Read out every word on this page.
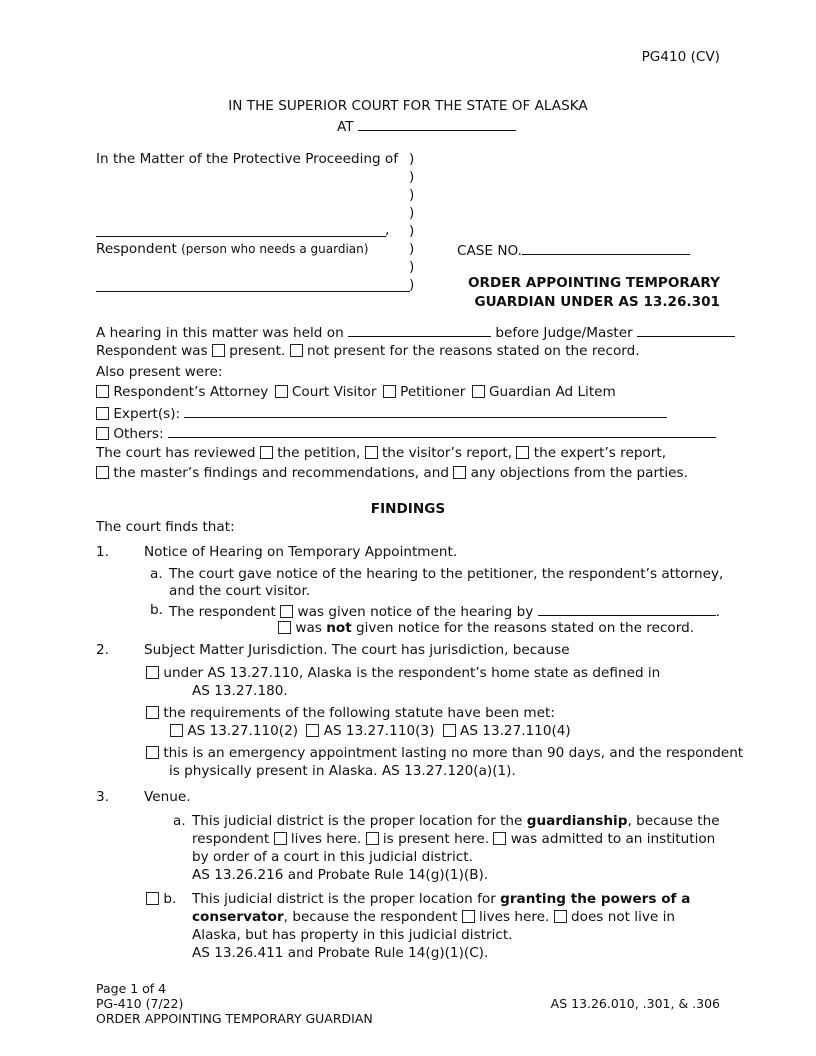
PG410 (CV)
IN THE SUPERIOR COURT FOR THE STATE OF ALASKA
AT
In the Matter of the Protective Proceeding of )
)
)
)
)
)
)
)
,
Respondent (person who needs a guardian)	CASE NO.
ORDER APPOINTING TEMPORARY
GUARDIAN UNDER AS 13.26.301
A hearing in this matter was held on	before Judge/Master
Respondent was present. not present for the reasons stated on the record.
Also present were:
Respondent’s Attorney Court Visitor Petitioner Guardian Ad Litem
Expert(s):
Others:
The court has reviewed the petition, the visitor’s report, the expert’s report,
the master’s findings and recommendations, and any objections from the parties.
FINDINGS
The court finds that:
1.	Notice of Hearing on Temporary Appointment.
a. The court gave notice of the hearing to the petitioner, the respondent’s attorney,
and the court visitor.
b. The respondent was given notice of the hearing by	.
was not given notice for the reasons stated on the record.
2.	Subject Matter Jurisdiction. The court has jurisdiction, because
under AS 13.27.110, Alaska is the respondent’s home state as defined in
AS 13.27.180.
the requirements of the following statute have been met:
AS 13.27.110(2) AS 13.27.110(3) AS 13.27.110(4)
this is an emergency appointment lasting no more than 90 days, and the respondent
is physically present in Alaska. AS 13.27.120(a)(1).
3.	Venue.
a. This judicial district is the proper location for the guardianship, because the
respondent lives here. is present here. was admitted to an institution
by order of a court in this judicial district.
AS 13.26.216 and Probate Rule 14(g)(1)(B).
b. This judicial district is the proper location for granting the powers of a
conservator, because the respondent lives here. does not live in
Alaska, but has property in this judicial district.
AS 13.26.411 and Probate Rule 14(g)(1)(C).
Page 1 of 4
PG-410 (7/22)
ORDER APPOINTING TEMPORARY GUARDIAN
AS 13.26.010, .301, & .306
